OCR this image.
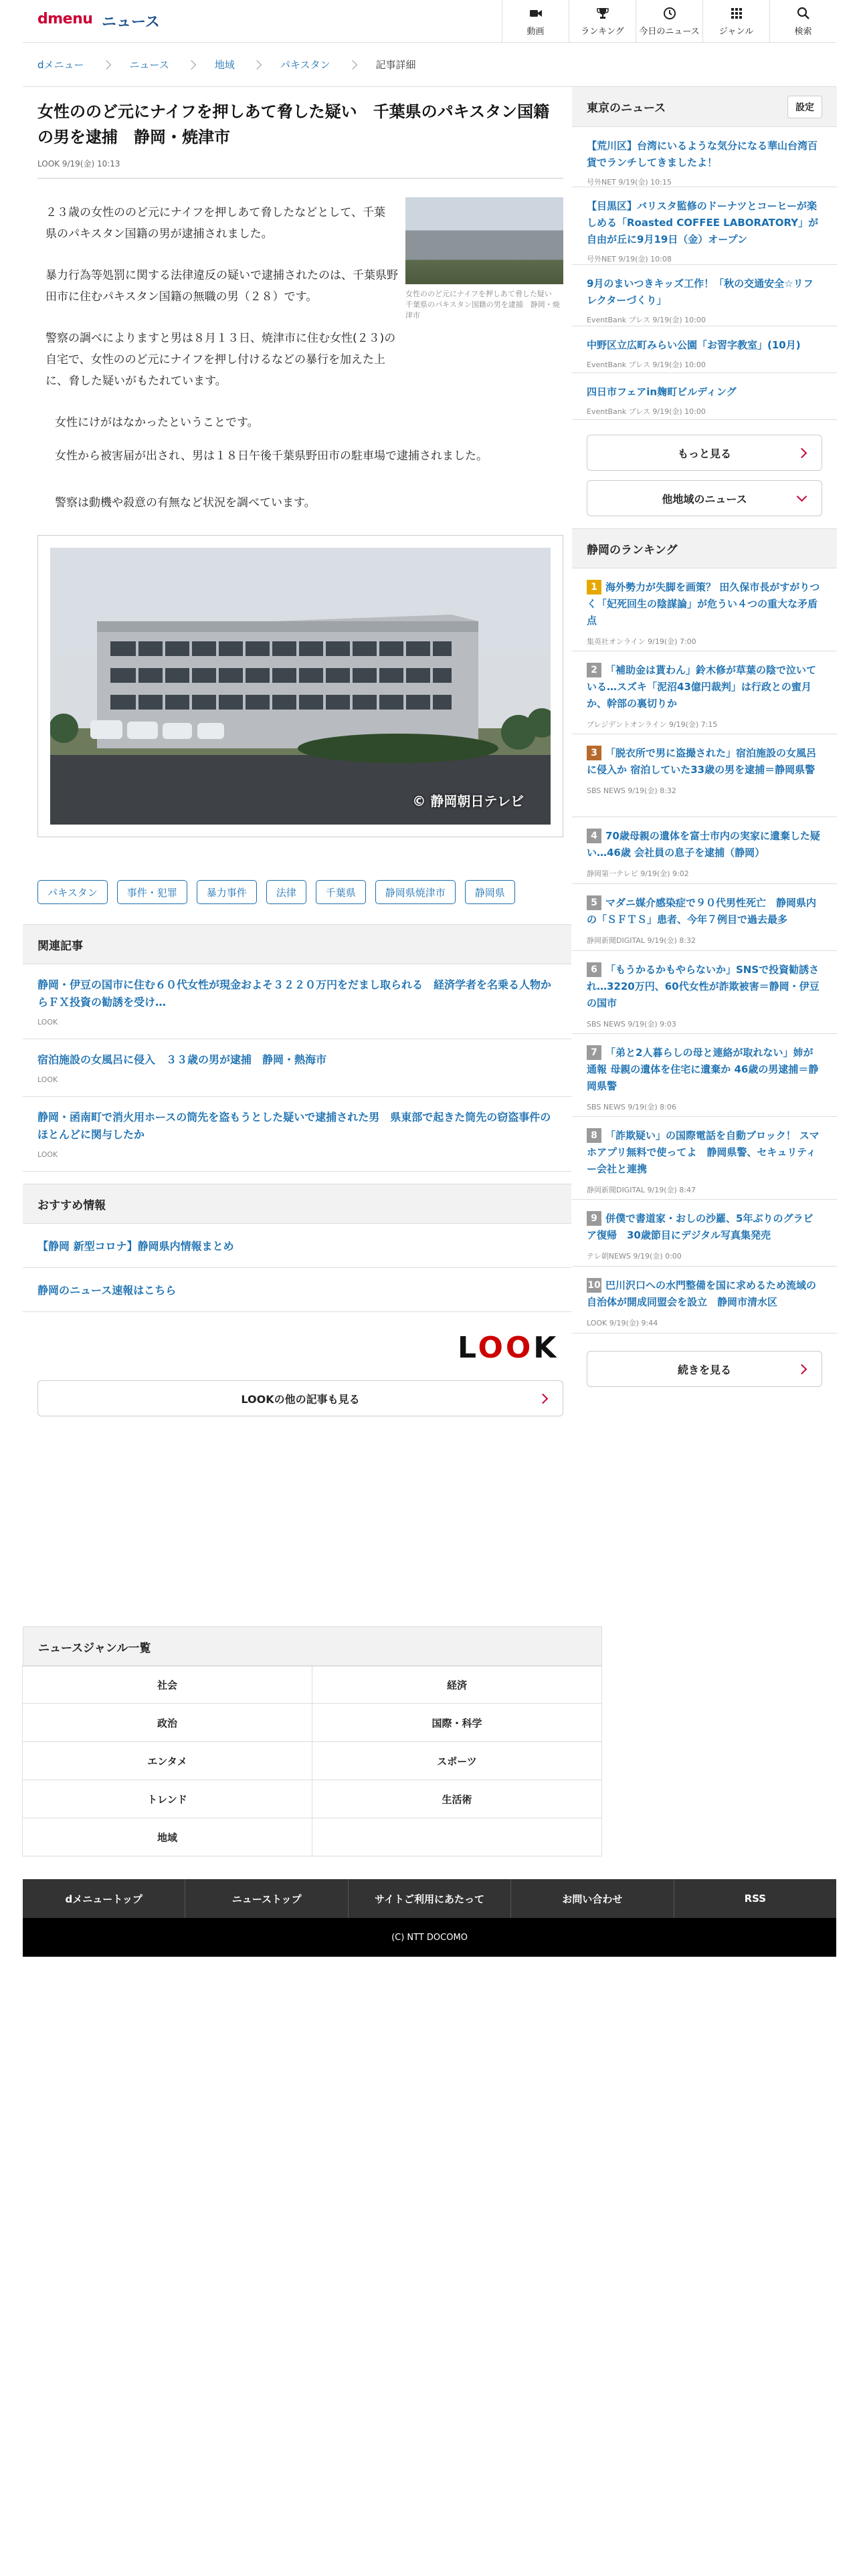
dmenu ニュース
動画	ランキング 今日のニュース ジャンル	検索
dメニュー	ニュース	地域	パキスタン	記事詳細
女性ののど元にナイフを押しあて脅した疑い　千葉県のパキスタン国籍の男を逮捕　静岡・焼津市
LOOK 9/19(金) 10:13
女性ののど元にナイフを押しあて脅した疑い　千葉県のパキスタン国籍の男を逮捕　静岡・焼津市

２３歳の女性ののど元にナイフを押しあて脅したなどとして、千葉県のパキスタン国籍の男が逮捕されました。

暴力行為等処罰に関する法律違反の疑いで逮捕されたのは、千葉県野田市に住むパキスタン国籍の無職の男（２８）です。

警察の調べによりますと男は８月１３日、焼津市に住む女性(２３)の自宅で、女性ののど元にナイフを押し付けるなどの暴行を加えた上に、脅した疑いがもたれています。

女性にけがはなかったということです。

女性から被害届が出され、男は１８日午後千葉県野田市の駐車場で逮捕されました。

警察は動機や殺意の有無など状況を調べています。

© 静岡朝日テレビ
パキスタン	事件・犯罪	暴力事件	法律	千葉県	静岡県焼津市	静岡県
関連記事
静岡・伊豆の国市に住む６０代女性が現金およそ３２２０万円をだまし取られる　経済学者を名乗る人物からＦＸ投資の勧誘を受け…
LOOK
宿泊施設の女風呂に侵入　３３歳の男が逮捕　静岡・熱海市
LOOK
静岡・函南町で消火用ホースの筒先を盗もうとした疑いで逮捕された男　県東部で起きた筒先の窃盗事件のほとんどに関与したか
LOOK
おすすめ情報
【静岡 新型コロナ】静岡県内情報まとめ
静岡のニュース速報はこちら
LOOK
LOOKの他の記事も見る
東京のニュース	設定
【荒川区】台湾にいるような気分になる華山台湾百貨でランチしてきましたよ！
号外NET 9/19(金) 10:15
【目黒区】バリスタ監修のドーナツとコーヒーが楽しめる「Roasted COFFEE LABORATORY」が自由が丘に9月19日（金）オープン
号外NET 9/19(金) 10:08
9月のまいつきキッズ工作！「秋の交通安全☆リフレクターづくり」
EventBank プレス 9/19(金) 10:00
中野区立広町みらい公園「お習字教室」(10月)
EventBank プレス 9/19(金) 10:00
四日市フェアin麹町ビルディング
EventBank プレス 9/19(金) 10:00
もっと見る
他地域のニュース
静岡のランキング
1 海外勢力が失脚を画策？ 田久保市長がすがりつく「妃死回生の陰謀論」が危うい４つの重大な矛盾点
集英社オンライン 9/19(金) 7:00
2 「補助金は貰わん」鈴木修が草葉の陰で泣いている…スズキ「泥沼43億円裁判」は行政との蜜月か、幹部の裏切りか
プレジデントオンライン 9/19(金) 7:15
3 「脱衣所で男に盗撮された」宿泊施設の女風呂に侵入か 宿泊していた33歳の男を逮捕＝静岡県警
SBS NEWS 9/19(金) 8:32
4 70歳母親の遺体を富士市内の実家に遺棄した疑い…46歳 会社員の息子を逮捕（静岡）
静岡第一テレビ 9/19(金) 9:02
5 マダニ媒介感染症で９０代男性死亡　静岡県内の「ＳＦＴＳ」患者、今年７例目で過去最多
静岡新聞DIGITAL 9/19(金) 8:32
6 「もうかるかもやらないか」SNSで投資勧誘され…3220万円、60代女性が詐欺被害＝静岡・伊豆の国市
SBS NEWS 9/19(金) 9:03
7 「弟と2人暮らしの母と連絡が取れない」姉が通報 母親の遺体を住宅に遺棄か 46歳の男逮捕＝静岡県警
SBS NEWS 9/19(金) 8:06
8 「詐欺疑い」の国際電話を自動ブロック！ スマホアプリ無料で使ってよ　静岡県警、セキュリティー会社と連携
静岡新聞DIGITAL 9/19(金) 8:47
9 併僕で書道家・おしの沙羅、5年ぶりのグラビア復帰　30歳節目にデジタル写真集発売
テレ朝NEWS 9/19(金) 0:00
10 巴川沢口への水門整備を国に求めるため流域の自治体が開成同盟会を設立　静岡市清水区
LOOK 9/19(金) 9:44
続きを見る
ニュースジャンル一覧
社会	経済
政治	国際・科学
エンタメ	スポーツ
トレンド	生活術
地域
dメニュートップ	ニューストップ	サイトご利用にあたって	お問い合わせ	RSS
(C) NTT DOCOMO
